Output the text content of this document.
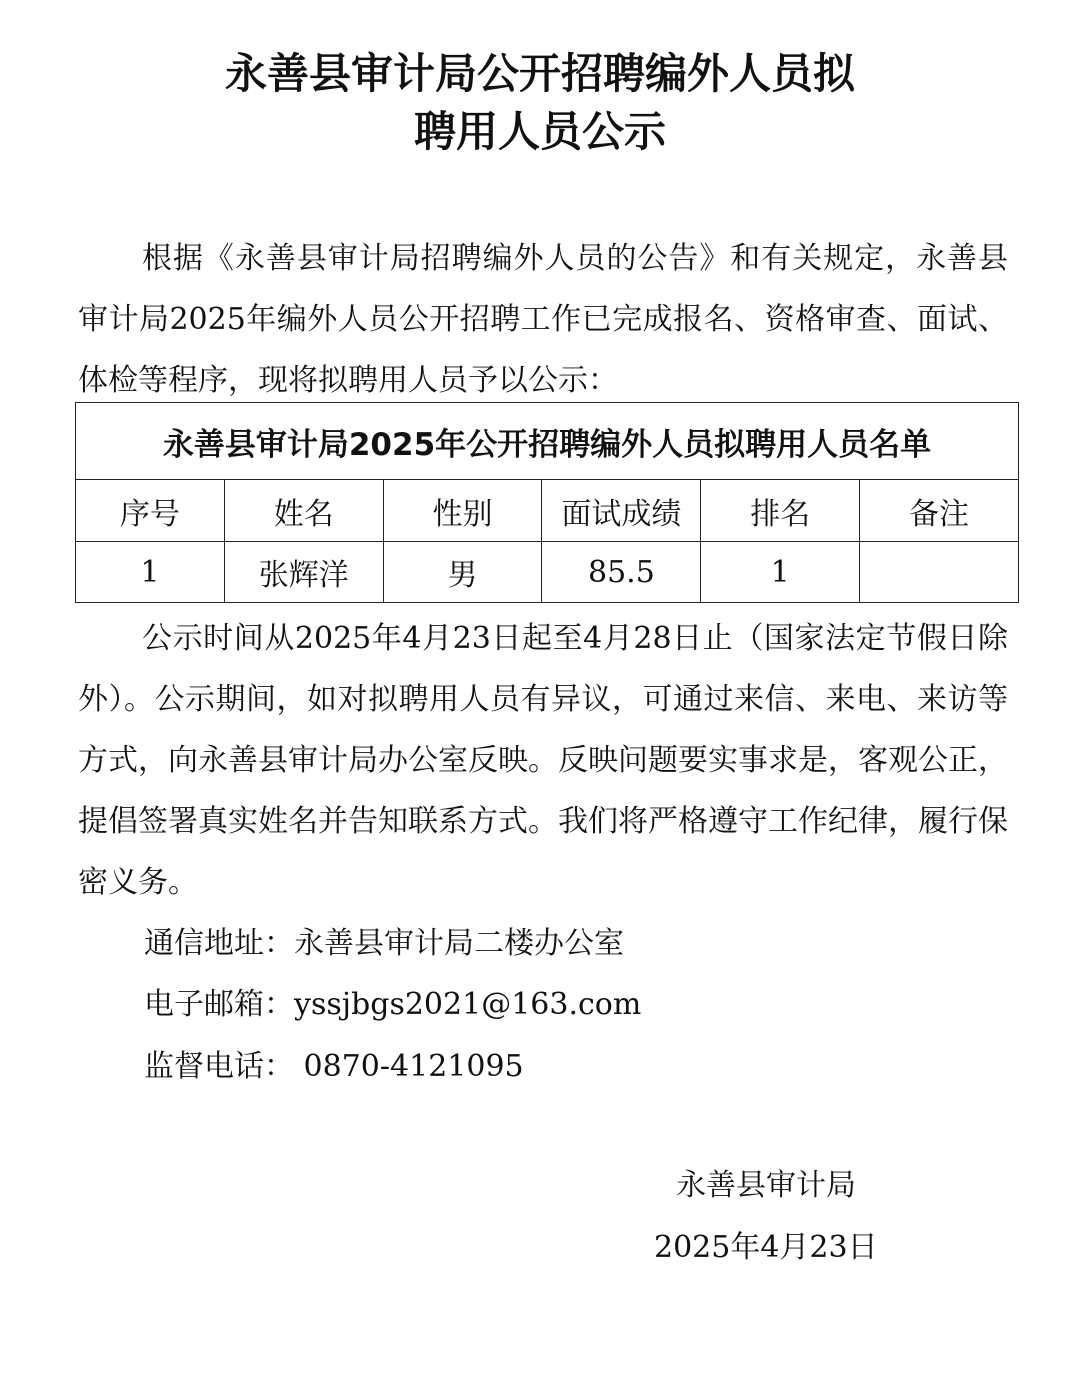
永善县审计局公开招聘编外人员拟
聘用人员公示

根据《永善县审计局招聘编外人员的公告》和有关规定，永善县审计局2025年编外人员公开招聘工作已完成报名、资格审查、面试、体检等程序，现将拟聘用人员予以公示：

永善县审计局2025年公开招聘编外人员拟聘用人员名单					
序号	姓名	性别	面试成绩	排名	备注
1	张辉洋	男	85.5	1	

公示时间从2025年4月23日起至4月28日止（国家法定节假日除外）。公示期间，如对拟聘用人员有异议，可通过来信、来电、来访等方式，向永善县审计局办公室反映。反映问题要实事求是，客观公正，提倡签署真实姓名并告知联系方式。我们将严格遵守工作纪律，履行保密义务。

通信地址：永善县审计局二楼办公室
电子邮箱：yssjbgs2021@163.com
监督电话： 0870-4121095
永善县审计局
2025年4月23日
